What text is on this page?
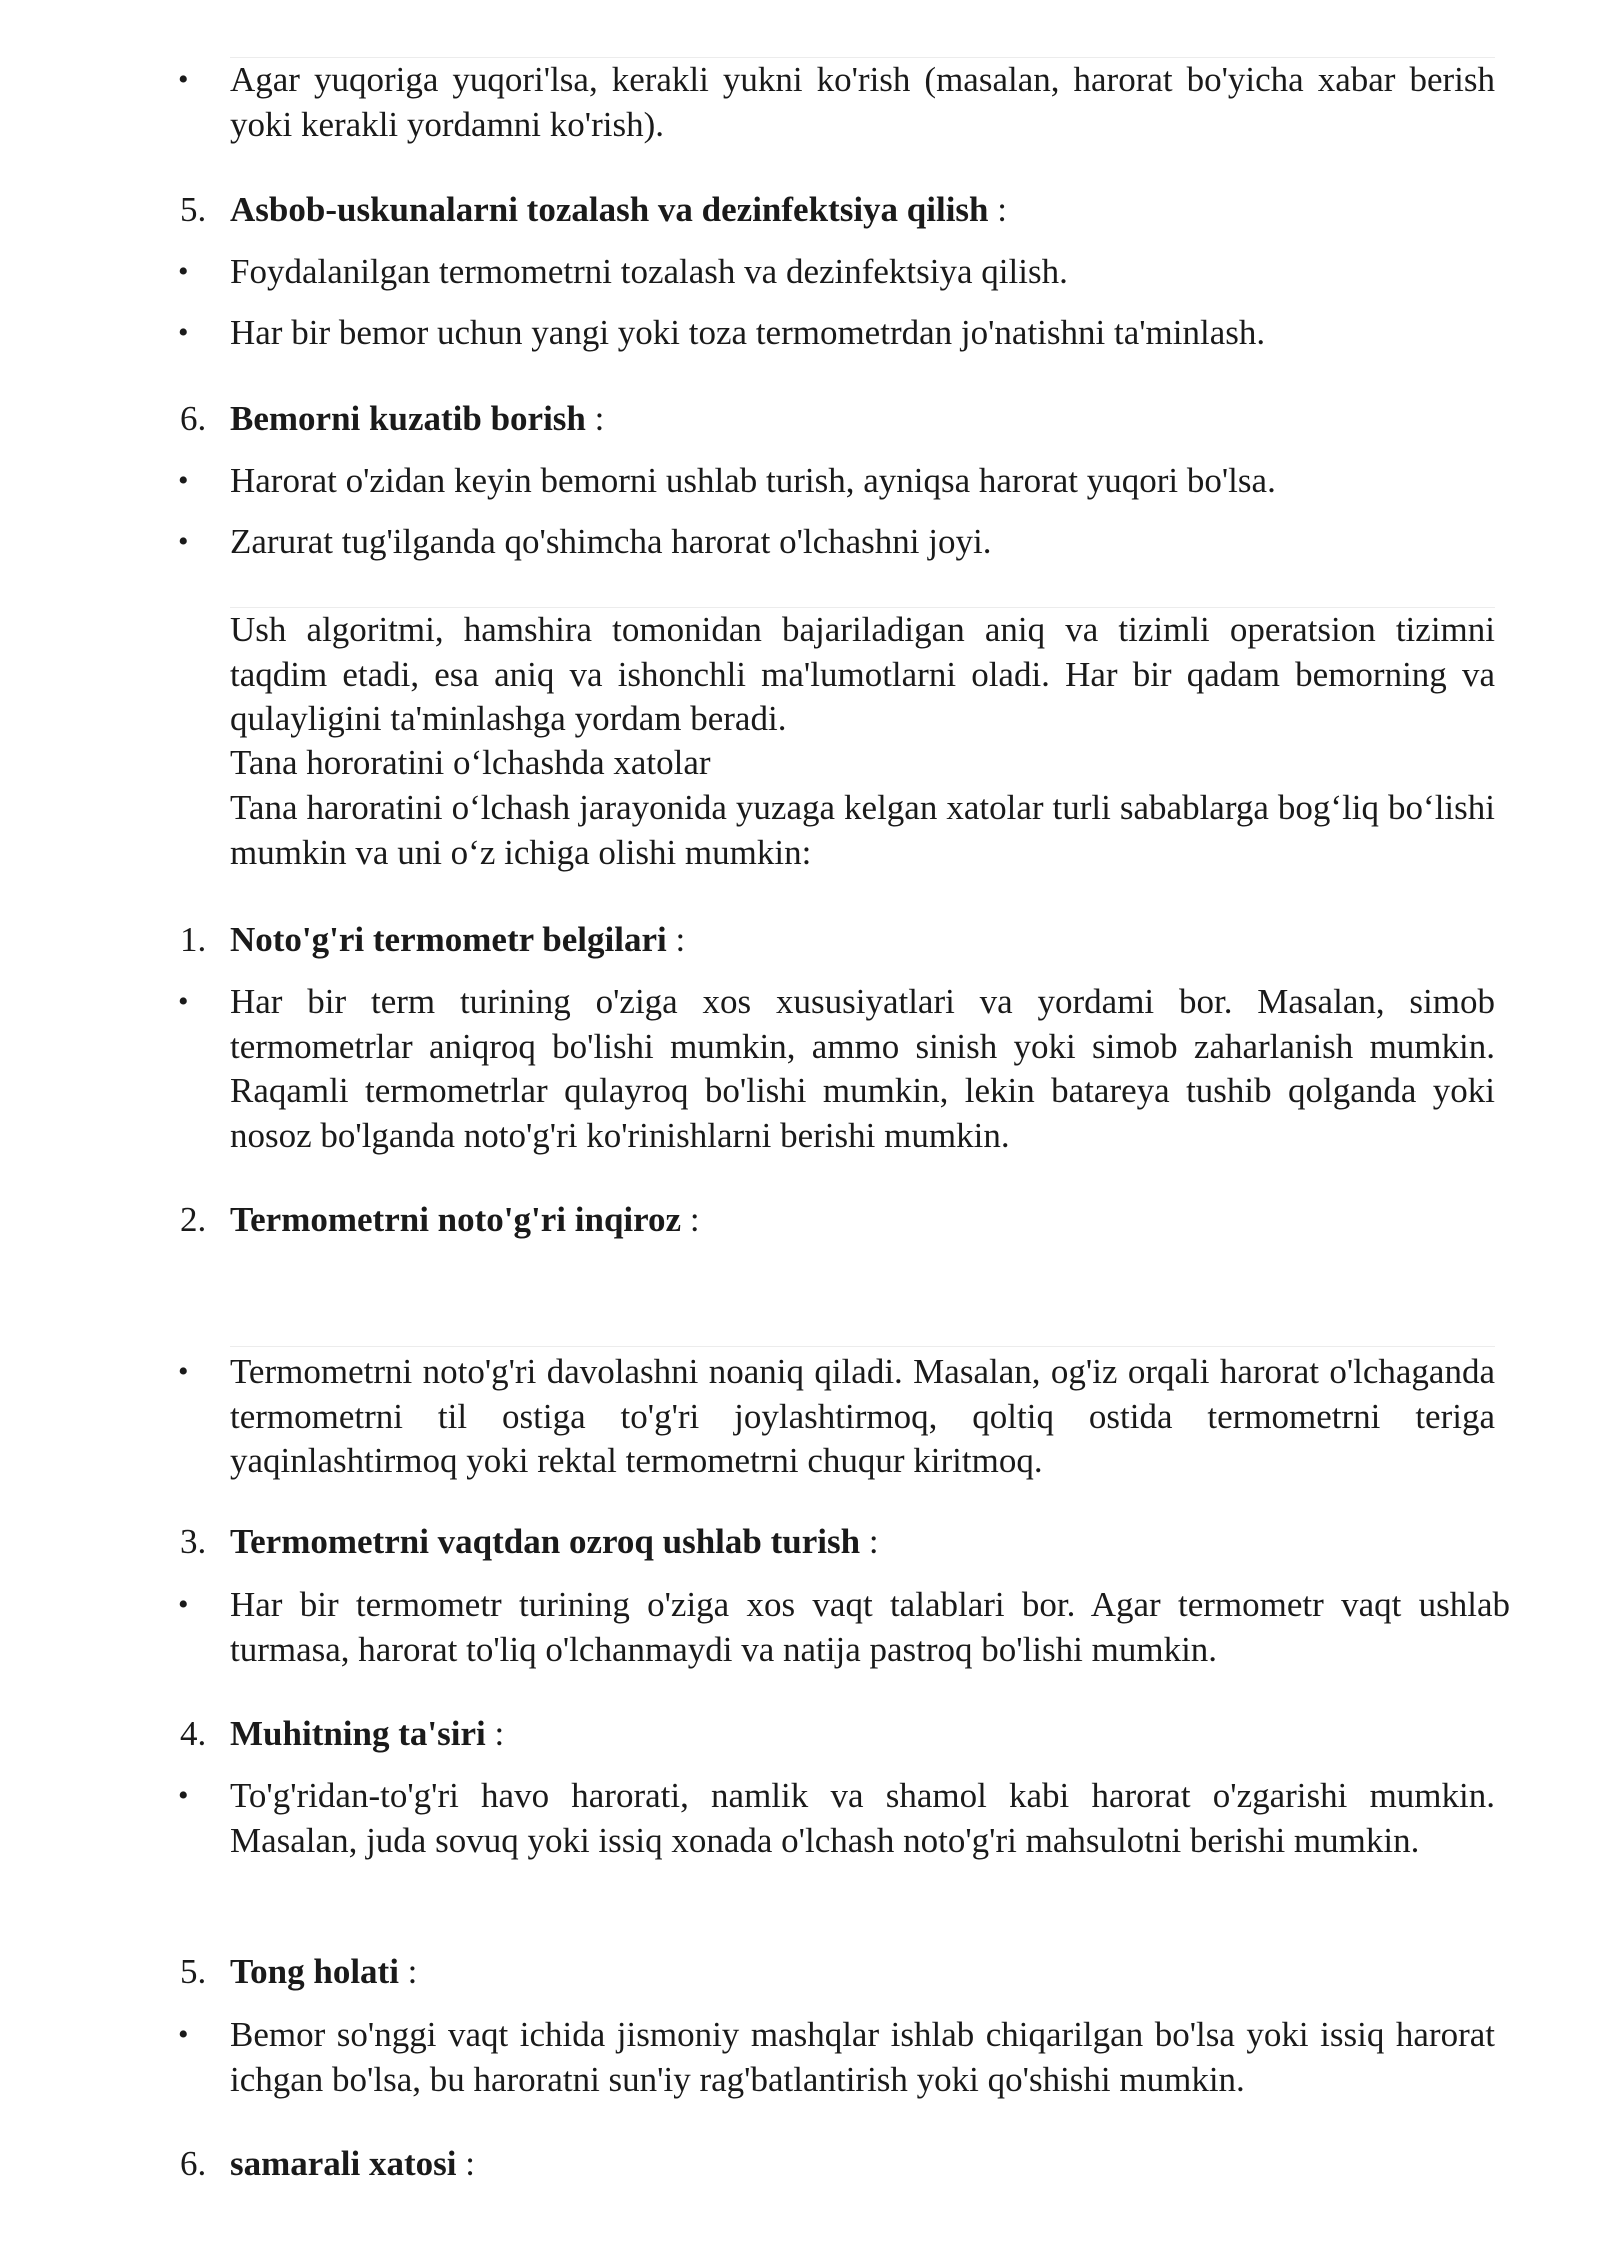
• Agar yuqoriga yuqori'lsa, kerakli yukni ko'rish (masalan, harorat bo'yicha xabar berish yoki kerakli yordamni ko'rish).
5. Asbob-uskunalarni tozalash va dezinfektsiya qilish :
• Foydalanilgan termometrni tozalash va dezinfektsiya qilish.
• Har bir bemor uchun yangi yoki toza termometrdan jo'natishni ta'minlash.
6. Bemorni kuzatib borish :
• Harorat o'zidan keyin bemorni ushlab turish, ayniqsa harorat yuqori bo'lsa.
• Zarurat tug'ilganda qo'shimcha harorat o'lchashni joyi.
Ush algoritmi, hamshira tomonidan bajariladigan aniq va tizimli operatsion tizimni taqdim etadi, esa aniq va ishonchli ma'lumotlarni oladi. Har bir qadam bemorning va qulayligini ta'minlashga yordam beradi.
Tana hororatini o‘lchashda xatolar
Tana haroratini o‘lchash jarayonida yuzaga kelgan xatolar turli sabablarga bog‘liq bo‘lishi mumkin va uni o‘z ichiga olishi mumkin:
1. Noto'g'ri termometr belgilari :
• Har bir term turining o'ziga xos xususiyatlari va yordami bor. Masalan, simob termometrlar aniqroq bo'lishi mumkin, ammo sinish yoki simob zaharlanish mumkin. Raqamli termometrlar qulayroq bo'lishi mumkin, lekin batareya tushib qolganda yoki nosoz bo'lganda noto'g'ri ko'rinishlarni berishi mumkin.
2. Termometrni noto'g'ri inqiroz :
• Termometrni noto'g'ri davolashni noaniq qiladi. Masalan, og'iz orqali harorat o'lchaganda termometrni til ostiga to'g'ri joylashtirmoq, qoltiq ostida termometrni teriga yaqinlashtirmoq yoki rektal termometrni chuqur kiritmoq.
3. Termometrni vaqtdan ozroq ushlab turish :
• Har bir termometr turining o'ziga xos vaqt talablari bor. Agar termometr vaqt ushlab turmasa, harorat to'liq o'lchanmaydi va natija pastroq bo'lishi mumkin.
4. Muhitning ta'siri :
• To'g'ridan-to'g'ri havo harorati, namlik va shamol kabi harorat o'zgarishi mumkin. Masalan, juda sovuq yoki issiq xonada o'lchash noto'g'ri mahsulotni berishi mumkin.
5. Tong holati :
• Bemor so'nggi vaqt ichida jismoniy mashqlar ishlab chiqarilgan bo'lsa yoki issiq harorat ichgan bo'lsa, bu haroratni sun'iy rag'batlantirish yoki qo'shishi mumkin.
6. samarali xatosi :
